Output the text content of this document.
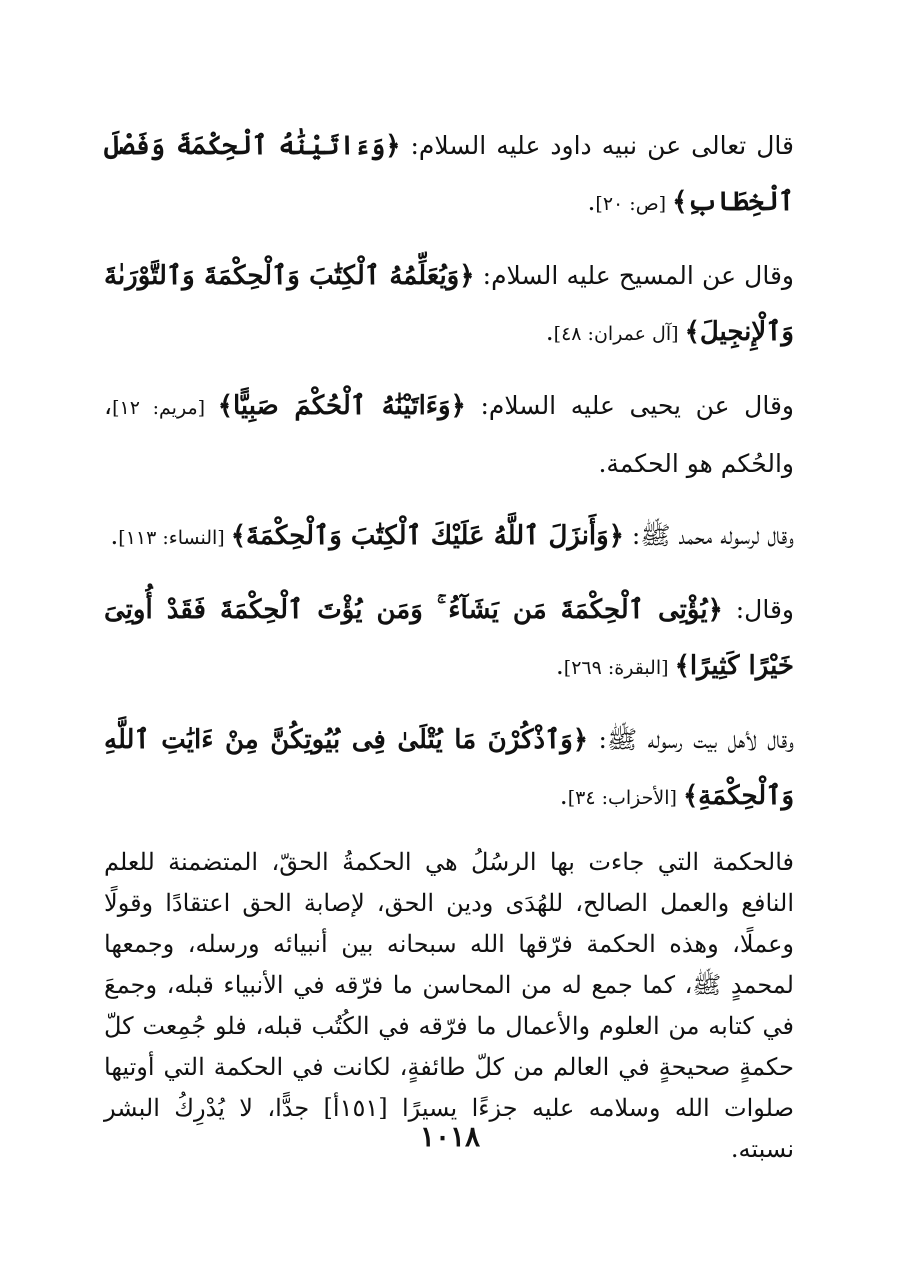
قال تعالى عن نبيه داود عليه السلام: ﴿وَءَاتَيْنَٰهُ ٱلْحِكْمَةَ وَفَصْلَ ٱلْخِطَابِ﴾ [ص: ٢٠].

وقال عن المسيح عليه السلام: ﴿وَيُعَلِّمُهُ ٱلْكِتَٰبَ وَٱلْحِكْمَةَ وَٱلتَّوْرَىٰةَ وَٱلْإِنجِيلَ﴾ [آل عمران: ٤٨].

وقال عن يحيى عليه السلام: ﴿وَءَاتَيْنَٰهُ ٱلْحُكْمَ صَبِيًّا﴾ [مريم: ١٢]، والحُكم هو الحكمة.

وقال لرسوله محمد ﷺ: ﴿وَأَنزَلَ ٱللَّهُ عَلَيْكَ ٱلْكِتَٰبَ وَٱلْحِكْمَةَ﴾ [النساء: ١١٣].

وقال: ﴿يُؤْتِى ٱلْحِكْمَةَ مَن يَشَآءُ ۚ وَمَن يُؤْتَ ٱلْحِكْمَةَ فَقَدْ أُوتِىَ خَيْرًا كَثِيرًا﴾ [البقرة: ٢٦٩].

وقال لأهل بيت رسوله ﷺ: ﴿وَٱذْكُرْنَ مَا يُتْلَىٰ فِى بُيُوتِكُنَّ مِنْ ءَايَٰتِ ٱللَّهِ وَٱلْحِكْمَةِ﴾ [الأحزاب: ٣٤].

فالحكمة التي جاءت بها الرسُلُ هي الحكمةُ الحقّ، المتضمنة للعلم النافع والعمل الصالح، للهُدَى ودين الحق، لإصابة الحق اعتقادًا وقولًا وعملًا، وهذه الحكمة فرّقها الله سبحانه بين أنبيائه ورسله، وجمعها لمحمدٍ ﷺ، كما جمع له من المحاسن ما فرّقه في الأنبياء قبله، وجمعَ في كتابه من العلوم والأعمال ما فرّقه في الكُتُب قبله، فلو جُمِعت كلّ حكمةٍ صحيحةٍ في العالم من كلّ طائفةٍ، لكانت في الحكمة التي أوتيها صلوات الله وسلامه عليه جزءًا يسيرًا [١٥١أ] جدًّا، لا يُدْرِكُ البشر نسبته.

١٠١٨
